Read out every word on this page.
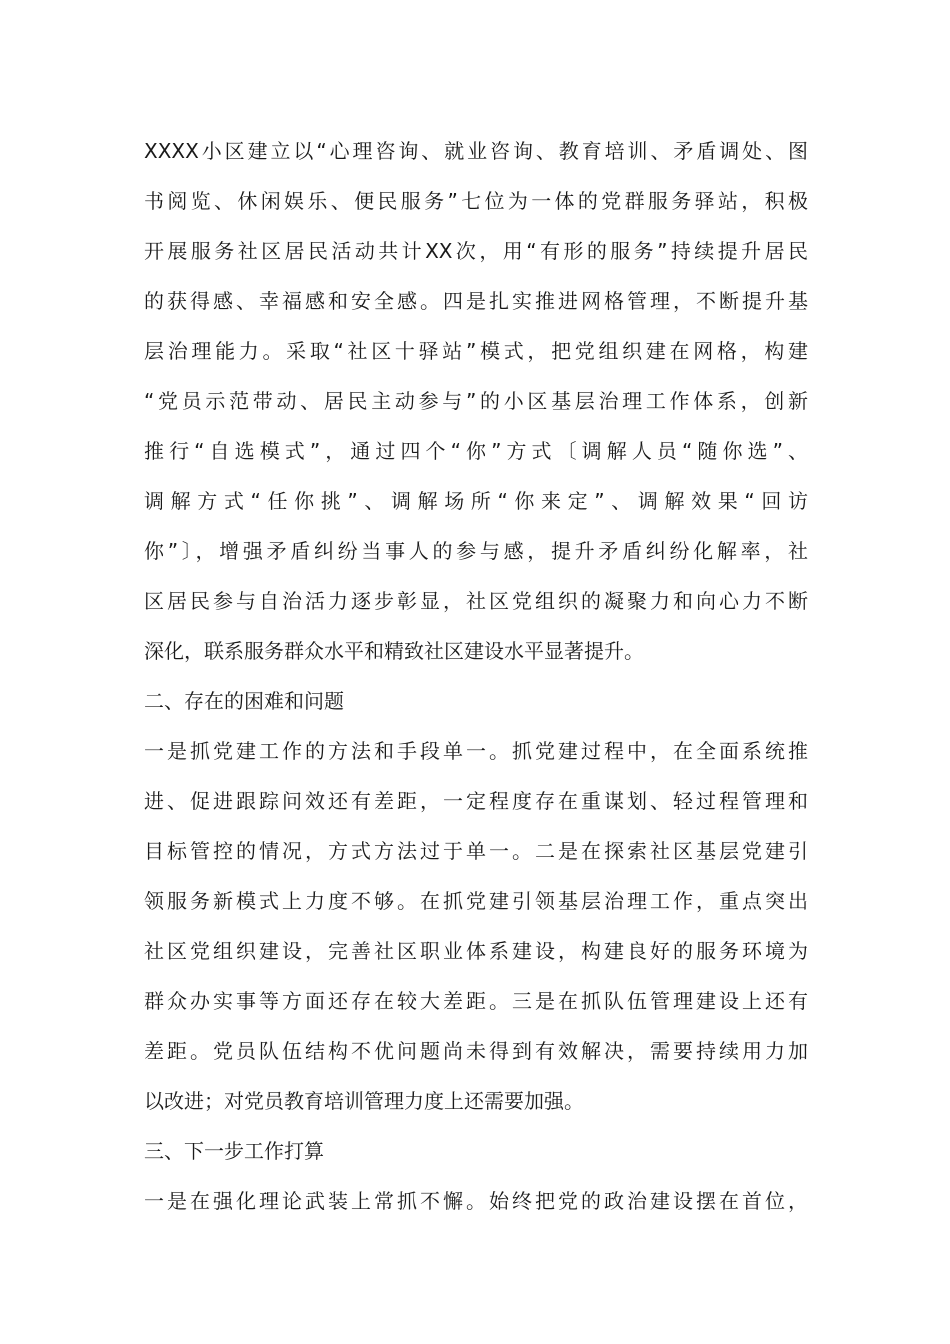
XXXX小区建立以“心理咨询、就业咨询、教育培训、矛盾调处、图
书阅览、休闲娱乐、便民服务”七位为一体的党群服务驿站，积极
开展服务社区居民活动共计XX次，用“有形的服务”持续提升居民
的获得感、幸福感和安全感。四是扎实推进网格管理，不断提升基
层治理能力。采取“社区十驿站”模式，把党组织建在网格，构建
“党员示范带动、居民主动参与”的小区基层治理工作体系，创新
推行“自选模式”，通过四个“你”方式〔调解人员“随你选”、
调解方式“任你挑”、调解场所“你来定”、调解效果“回访
你”〕，增强矛盾纠纷当事人的参与感，提升矛盾纠纷化解率，社
区居民参与自治活力逐步彰显，社区党组织的凝聚力和向心力不断
深化，联系服务群众水平和精致社区建设水平显著提升。
二、存在的困难和问题
一是抓党建工作的方法和手段单一。抓党建过程中，在全面系统推
进、促进跟踪问效还有差距，一定程度存在重谋划、轻过程管理和
目标管控的情况，方式方法过于单一。二是在探索社区基层党建引
领服务新模式上力度不够。在抓党建引领基层治理工作，重点突出
社区党组织建设，完善社区职业体系建设，构建良好的服务环境为
群众办实事等方面还存在较大差距。三是在抓队伍管理建设上还有
差距。党员队伍结构不优问题尚未得到有效解决，需要持续用力加
以改进；对党员教育培训管理力度上还需要加强。
三、下一步工作打算
一是在强化理论武装上常抓不懈。始终把党的政治建设摆在首位，
